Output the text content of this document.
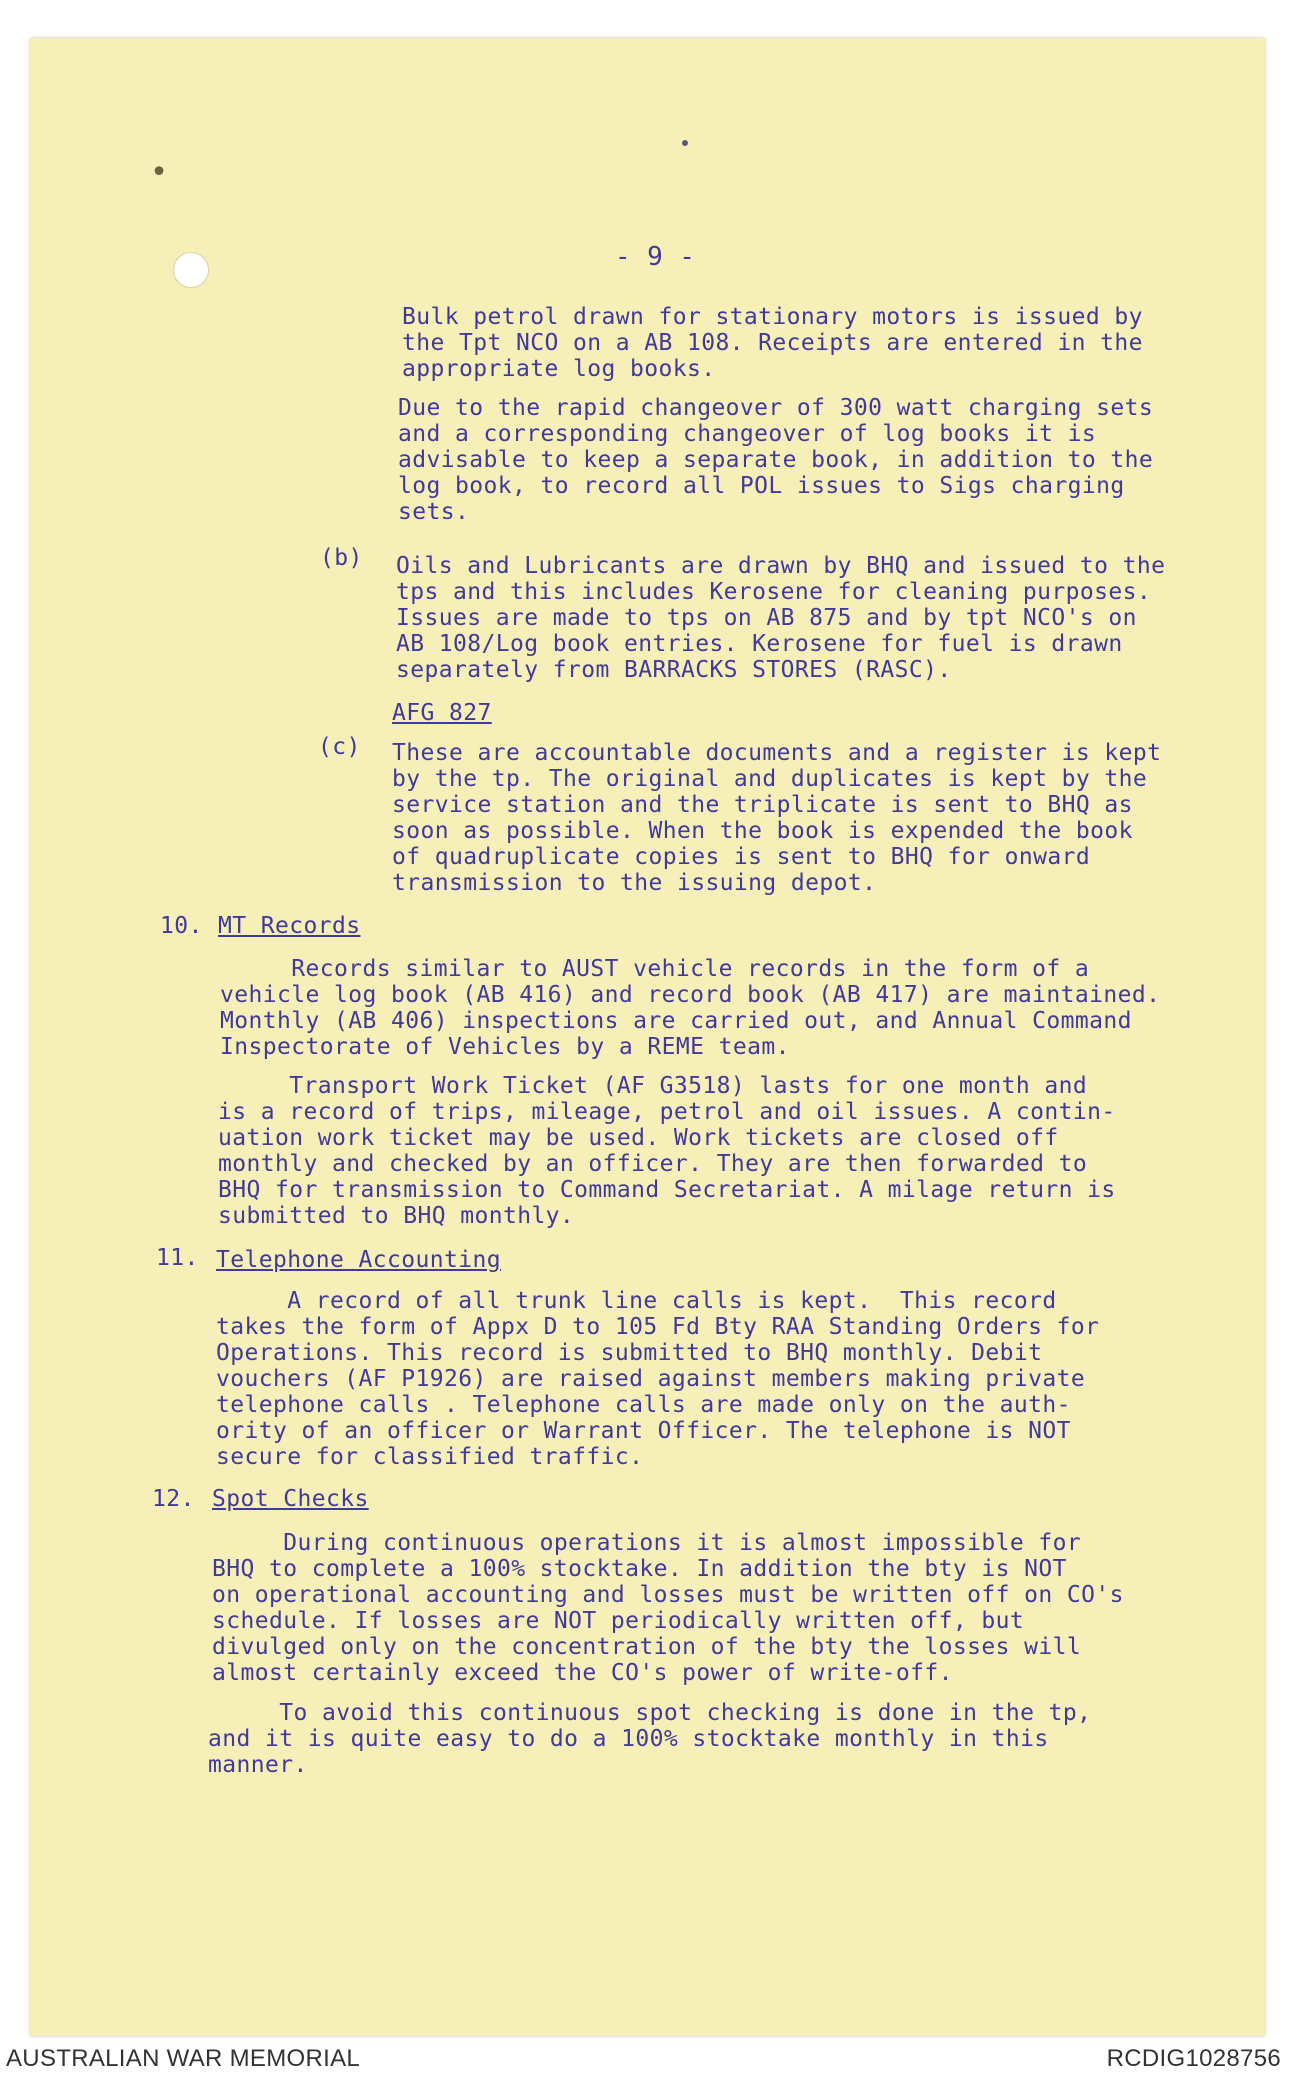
•
- 9 -
Bulk petrol drawn for stationary motors is issued by
the Tpt NCO on a AB 108. Receipts are entered in the
appropriate log books.
Due to the rapid changeover of 300 watt charging sets
and a corresponding changeover of log books it is
advisable to keep a separate book, in addition to the
log book, to record all POL issues to Sigs charging
sets.
(b) Oils and Lubricants are drawn by BHQ and issued to the
tps and this includes Kerosene for cleaning purposes.
Issues are made to tps on AB 875 and by tpt NCO's on
AB 108/Log book entries. Kerosene for fuel is drawn
separately from BARRACKS STORES (RASC).
AFG 827
(c) These are accountable documents and a register is kept
by the tp. The original and duplicates is kept by the
service station and the triplicate is sent to BHQ as
soon as possible. When the book is expended the book
of quadruplicate copies is sent to BHQ for onward
transmission to the issuing depot.
10. MT Records
Records similar to AUST vehicle records in the form of a
vehicle log book (AB 416) and record book (AB 417) are maintained.
Monthly (AB 406) inspections are carried out, and Annual Command
Inspectorate of Vehicles by a REME team.
Transport Work Ticket (AF G3518) lasts for one month and
is a record of trips, mileage, petrol and oil issues. A contin-
uation work ticket may be used. Work tickets are closed off
monthly and checked by an officer. They are then forwarded to
BHQ for transmission to Command Secretariat. A milage return is
submitted to BHQ monthly.
11. Telephone Accounting
A record of all trunk line calls is kept.  This record
takes the form of Appx D to 105 Fd Bty RAA Standing Orders for
Operations. This record is submitted to BHQ monthly. Debit
vouchers (AF P1926) are raised against members making private
telephone calls . Telephone calls are made only on the auth-
ority of an officer or Warrant Officer. The telephone is NOT
secure for classified traffic.
12. Spot Checks
During continuous operations it is almost impossible for
BHQ to complete a 100% stocktake. In addition the bty is NOT
on operational accounting and losses must be written off on CO's
schedule. If losses are NOT periodically written off, but
divulged only on the concentration of the bty the losses will
almost certainly exceed the CO's power of write-off.
To avoid this continuous spot checking is done in the tp,
and it is quite easy to do a 100% stocktake monthly in this
manner.
AUSTRALIAN WAR MEMORIAL	RCDIG1028756
